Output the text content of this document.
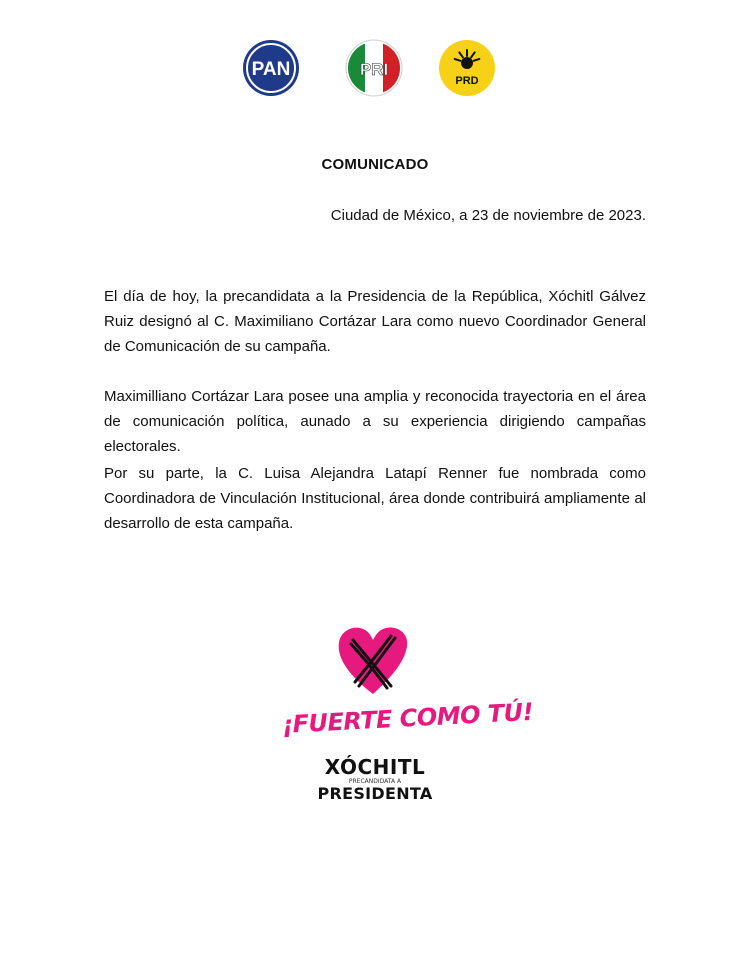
PAN	PRI
PRD
COMUNICADO
Ciudad de México, a 23 de noviembre de 2023.
El día de hoy, la precandidata a la Presidencia de la República, Xóchitl Gálvez Ruiz designó al C. Maximiliano Cortázar Lara como nuevo Coordinador General de Comunicación de su campaña.
Maximilliano Cortázar Lara posee una amplia y reconocida trayectoria en el área de comunicación política, aunado a su experiencia dirigiendo campañas electorales.
Por su parte, la C. Luisa Alejandra Latapí Renner fue nombrada como Coordinadora de Vinculación Institucional, área donde contribuirá ampliamente al desarrollo de esta campaña.
¡FUERTE COMO TÚ!
XÓCHITL
PRECANDIDATA A
PRESIDENTA
